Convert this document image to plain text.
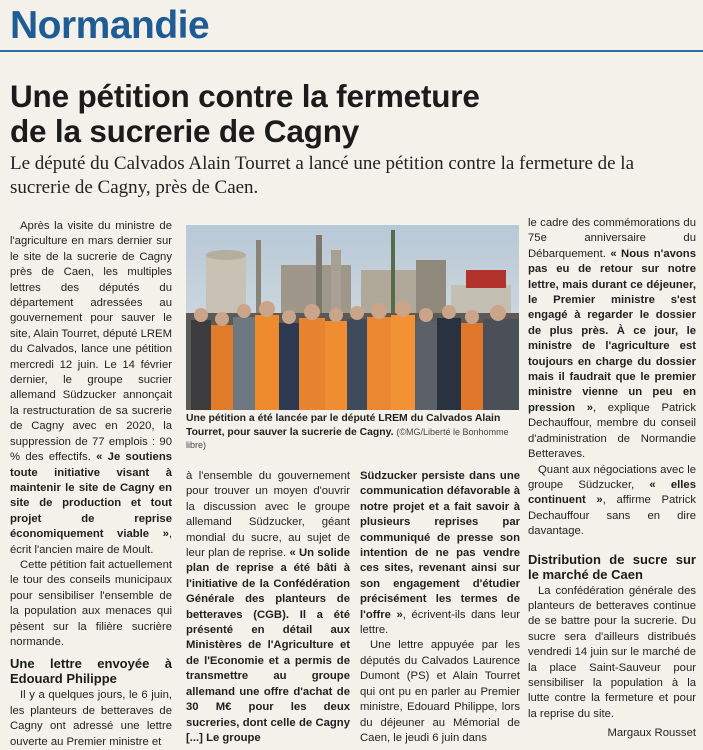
Normandie
Une pétition contre la fermeture
de la sucrerie de Cagny

Le député du Calvados Alain Tourret a lancé une pétition contre la fermeture de la sucrerie de Cagny, près de Caen.

Après la visite du ministre de l'agriculture en mars dernier sur le site de la sucrerie de Cagny près de Caen, les multiples lettres des députés du département adressées au gouvernement pour sauver le site, Alain Tourret, député LREM du Calvados, lance une pétition mercredi 12 juin. Le 14 février dernier, le groupe sucrier allemand Südzucker annonçait la restructuration de sa sucrerie de Cagny avec en 2020, la suppression de 77 emplois : 90 % des effectifs. « Je soutiens toute initiative visant à maintenir le site de Cagny en site de production et tout projet de reprise économiquement viable », écrit l'ancien maire de Moult.

Cette pétition fait actuellement le tour des conseils municipaux pour sensibiliser l'ensemble de la population aux menaces qui pèsent sur la filière sucrière normande.

Une lettre envoyée à Edouard Philippe

Il y a quelques jours, le 6 juin, les planteurs de betteraves de Cagny ont adressé une lettre ouverte au Premier ministre et

Une pétition a été lancée par le député LREM du Calvados Alain Tourret, pour sauver la sucrerie de Cagny. (©MG/Liberté le Bonhomme libre)

à l'ensemble du gouvernement pour trouver un moyen d'ouvrir la discussion avec le groupe allemand Südzucker, géant mondial du sucre, au sujet de leur plan de reprise. « Un solide plan de reprise a été bâti à l'initiative de la Confédération Générale des planteurs de betteraves (CGB). Il a été présenté en détail aux Ministères de l'Agriculture et de l'Economie et a permis de transmettre au groupe allemand une offre d'achat de 30 M€ pour les deux sucreries, dont celle de Cagny [...] Le groupe

Südzucker persiste dans une communication défavorable à notre projet et a fait savoir à plusieurs reprises par communiqué de presse son intention de ne pas vendre ces sites, revenant ainsi sur son engagement d'étudier précisément les termes de l'offre », écrivent-ils dans leur lettre.

Une lettre appuyée par les députés du Calvados Laurence Dumont (PS) et Alain Tourret qui ont pu en parler au Premier ministre, Edouard Philippe, lors du déjeuner au Mémorial de Caen, le jeudi 6 juin dans

le cadre des commémorations du 75e anniversaire du Débarquement. « Nous n'avons pas eu de retour sur notre lettre, mais durant ce déjeuner, le Premier ministre s'est engagé à regarder le dossier de plus près. À ce jour, le ministre de l'agriculture est toujours en charge du dossier mais il faudrait que le premier ministre vienne un peu en pression », explique Patrick Dechauffour, membre du conseil d'administration de Normandie Betteraves.

Quant aux négociations avec le groupe Südzucker, « elles continuent », affirme Patrick Dechauffour sans en dire davantage.

Distribution de sucre sur le marché de Caen

La confédération générale des planteurs de betteraves continue de se battre pour la sucrerie. Du sucre sera d'ailleurs distribués vendredi 14 juin sur le marché de la place Saint-Sauveur pour sensibiliser la population à la lutte contre la fermeture et pour la reprise du site.

Margaux Rousset
